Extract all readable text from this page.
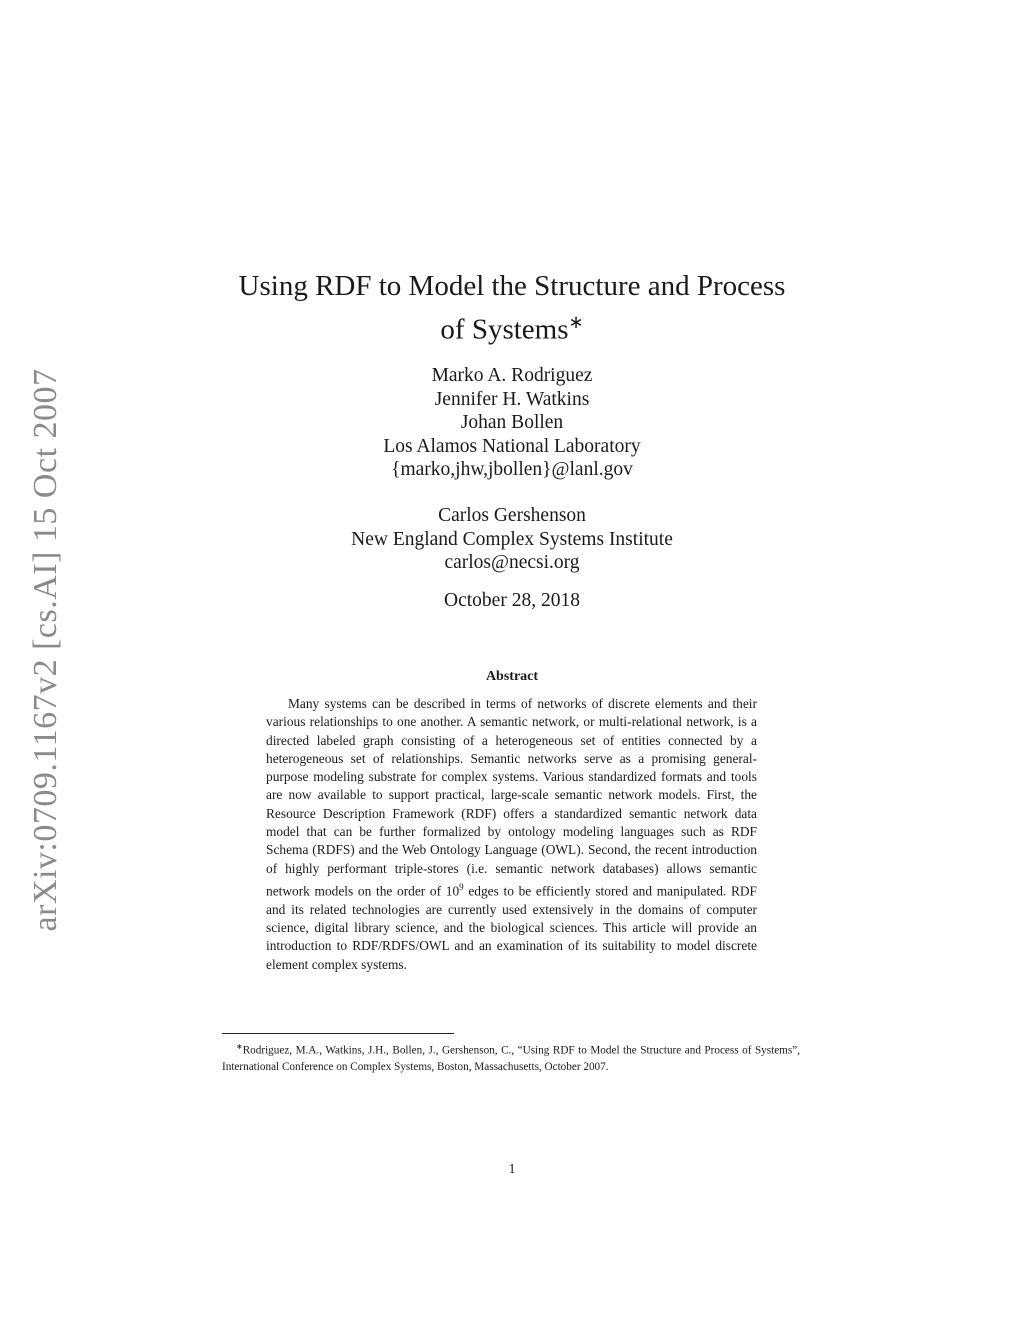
arXiv:0709.1167v2 [cs.AI] 15 Oct 2007
Using RDF to Model the Structure and Process
of Systems∗
Marko A. Rodriguez
Jennifer H. Watkins
Johan Bollen
Los Alamos National Laboratory
{marko,jhw,jbollen}@lanl.gov
Carlos Gershenson
New England Complex Systems Institute
carlos@necsi.org
October 28, 2018
Abstract
Many systems can be described in terms of networks of discrete elements and their various relationships to one another. A semantic network, or multi-relational network, is a directed labeled graph consisting of a heterogeneous set of entities connected by a heterogeneous set of relationships. Semantic networks serve as a promising general-purpose modeling substrate for complex systems. Various standardized formats and tools are now available to support practical, large-scale semantic network models. First, the Resource Description Framework (RDF) offers a standardized semantic network data model that can be further formalized by ontology modeling languages such as RDF Schema (RDFS) and the Web Ontology Language (OWL). Second, the recent introduction of highly performant triple-stores (i.e. semantic network databases) allows semantic network models on the order of $10^9$ edges to be efficiently stored and manipulated. RDF and its related technologies are currently used extensively in the domains of computer science, digital library science, and the biological sciences. This article will provide an introduction to RDF/RDFS/OWL and an examination of its suitability to model discrete element complex systems.
∗Rodriguez, M.A., Watkins, J.H., Bollen, J., Gershenson, C., “Using RDF to Model the Structure and Process of Systems”, International Conference on Complex Systems, Boston, Massachusetts, October 2007.
1
